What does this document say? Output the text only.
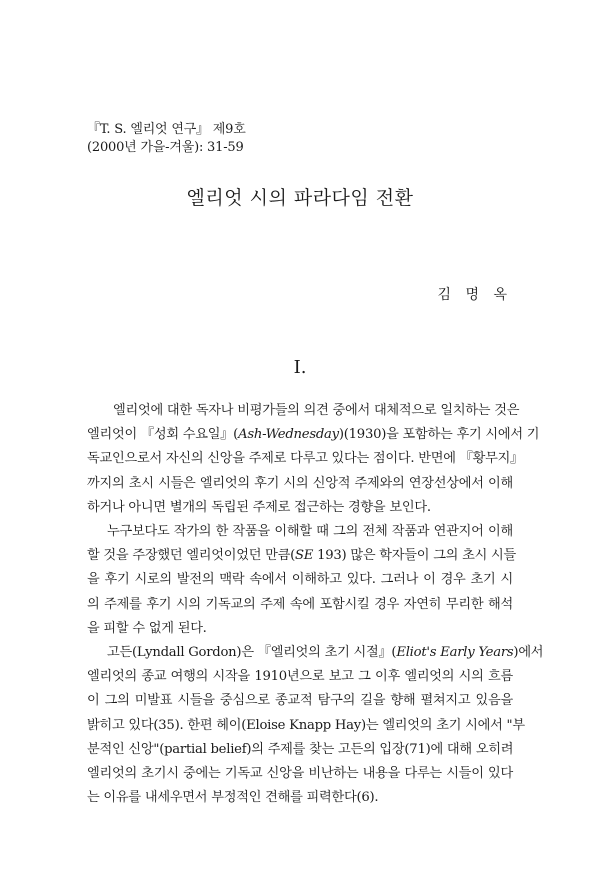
『T. S. 엘리엇 연구』 제9호
(2000년 가을-겨울): 31-59
엘리엇 시의 파라다임 전환
김 명 옥
I.
엘리엇에 대한 독자나 비평가들의 의견 중에서 대체적으로 일치하는 것은
엘리엇이 『성회 수요일』(Ash-Wednesday)(1930)을 포함하는 후기 시에서 기
독교인으로서 자신의 신앙을 주제로 다루고 있다는 점이다. 반면에 『황무지』
까지의 초시 시들은 엘리엇의 후기 시의 신앙적 주제와의 연장선상에서 이해
하거나 아니면 별개의 독립된 주제로 접근하는 경향을 보인다.
누구보다도 작가의 한 작품을 이해할 때 그의 전체 작품과 연관지어 이해
할 것을 주장했던 엘리엇이었던 만큼(SE 193) 많은 학자들이 그의 초시 시들
을 후기 시로의 발전의 맥락 속에서 이해하고 있다. 그러나 이 경우 초기 시
의 주제를 후기 시의 기독교의 주제 속에 포함시킬 경우 자연히 무리한 해석
을 피할 수 없게 된다.
고든(Lyndall Gordon)은 『엘리엇의 초기 시절』(Eliot's Early Years)에서
엘리엇의 종교 여행의 시작을 1910년으로 보고 그 이후 엘리엇의 시의 흐름
이 그의 미발표 시들을 중심으로 종교적 탐구의 길을 향해 펼쳐지고 있음을
밝히고 있다(35). 한편 헤이(Eloise Knapp Hay)는 엘리엇의 초기 시에서 "부
분적인 신앙"(partial belief)의 주제를 찾는 고든의 입장(71)에 대해 오히려
엘리엇의 초기시 중에는 기독교 신앙을 비난하는 내용을 다루는 시들이 있다
는 이유를 내세우면서 부정적인 견해를 피력한다(6).
